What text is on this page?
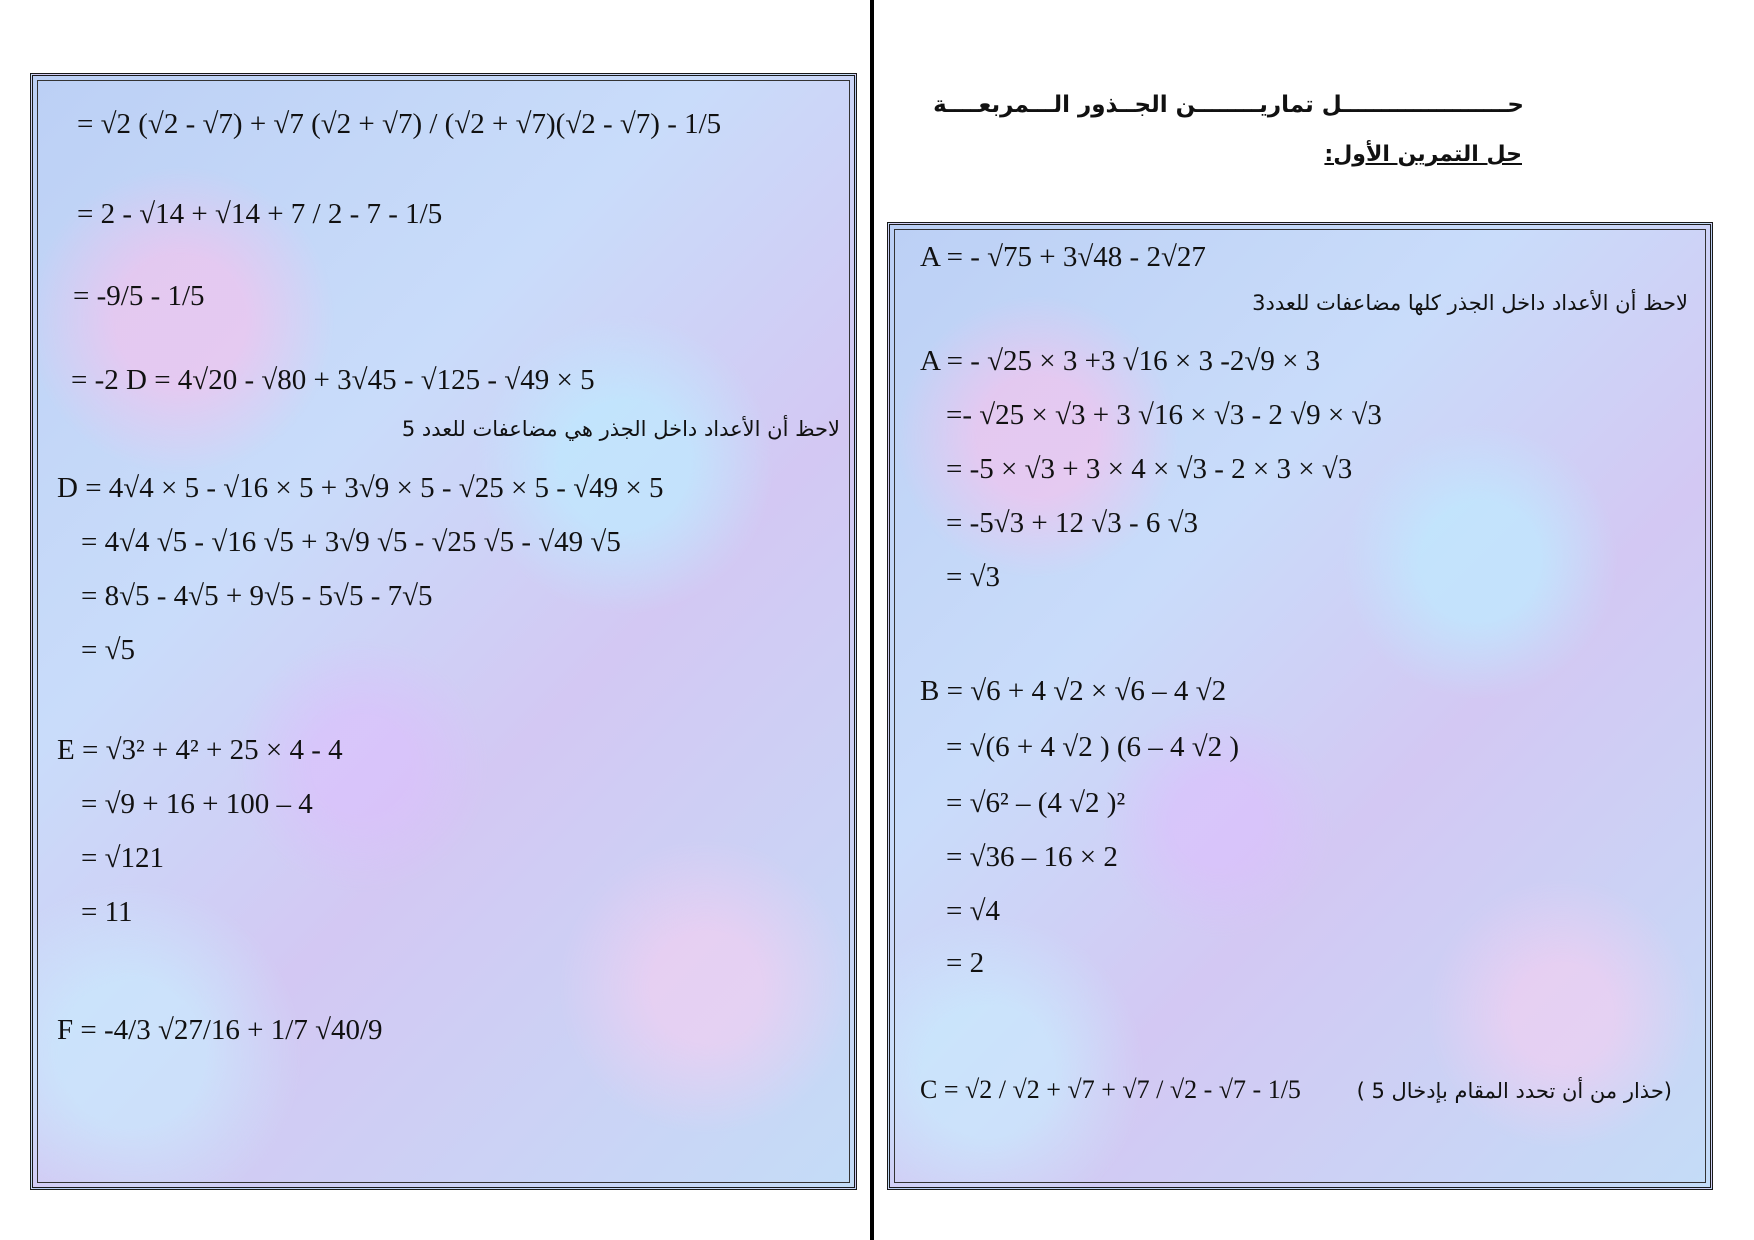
حـــــــــــــــــــــل تماريــــــــن الجــذور الـــمربعــــة
حل التمرين الأول:
= √2 (√2 - √7) + √7 (√2 + √7) / (√2 + √7)(√2 - √7) - 1/5
= 2 - √14 + √14 + 7 / 2 - 7 - 1/5
= -9/5 - 1/5
= -2 D = 4√20 - √80 + 3√45 - √125 - √49 × 5
لاحظ أن الأعداد داخل الجذر هي مضاعفات للعدد 5
D = 4√4 × 5 - √16 × 5 + 3√9 × 5 - √25 × 5 - √49 × 5
= 4√4 √5 - √16 √5 + 3√9 √5 - √25 √5 - √49 √5
= 8√5 - 4√5 + 9√5 - 5√5 - 7√5
= √5
E = √3² + 4² + 25 × 4 - 4
= √9 + 16 + 100 – 4
= √121
= 11
F = -4/3 √27/16 + 1/7 √40/9
A = - √75 + 3√48 - 2√27
لاحظ أن الأعداد داخل الجذر كلها مضاعفات للعدد3
A = - √25 × 3 +3 √16 × 3 -2√9 × 3
=- √25 × √3 + 3 √16 × √3 - 2 √9 × √3
= -5 × √3 + 3 × 4 × √3 - 2 × 3 × √3
= -5√3 + 12 √3 - 6 √3
= √3
B = √6 + 4 √2 × √6 – 4 √2
= √(6 + 4 √2 ) (6 – 4 √2 )
= √6² – (4 √2 )²
= √36 – 16 × 2
= √4
= 2
C = √2 / √2 + √7 + √7 / √2 - √7 - 1/5	(حذار من أن تحدد المقام بإدخال 5 )
